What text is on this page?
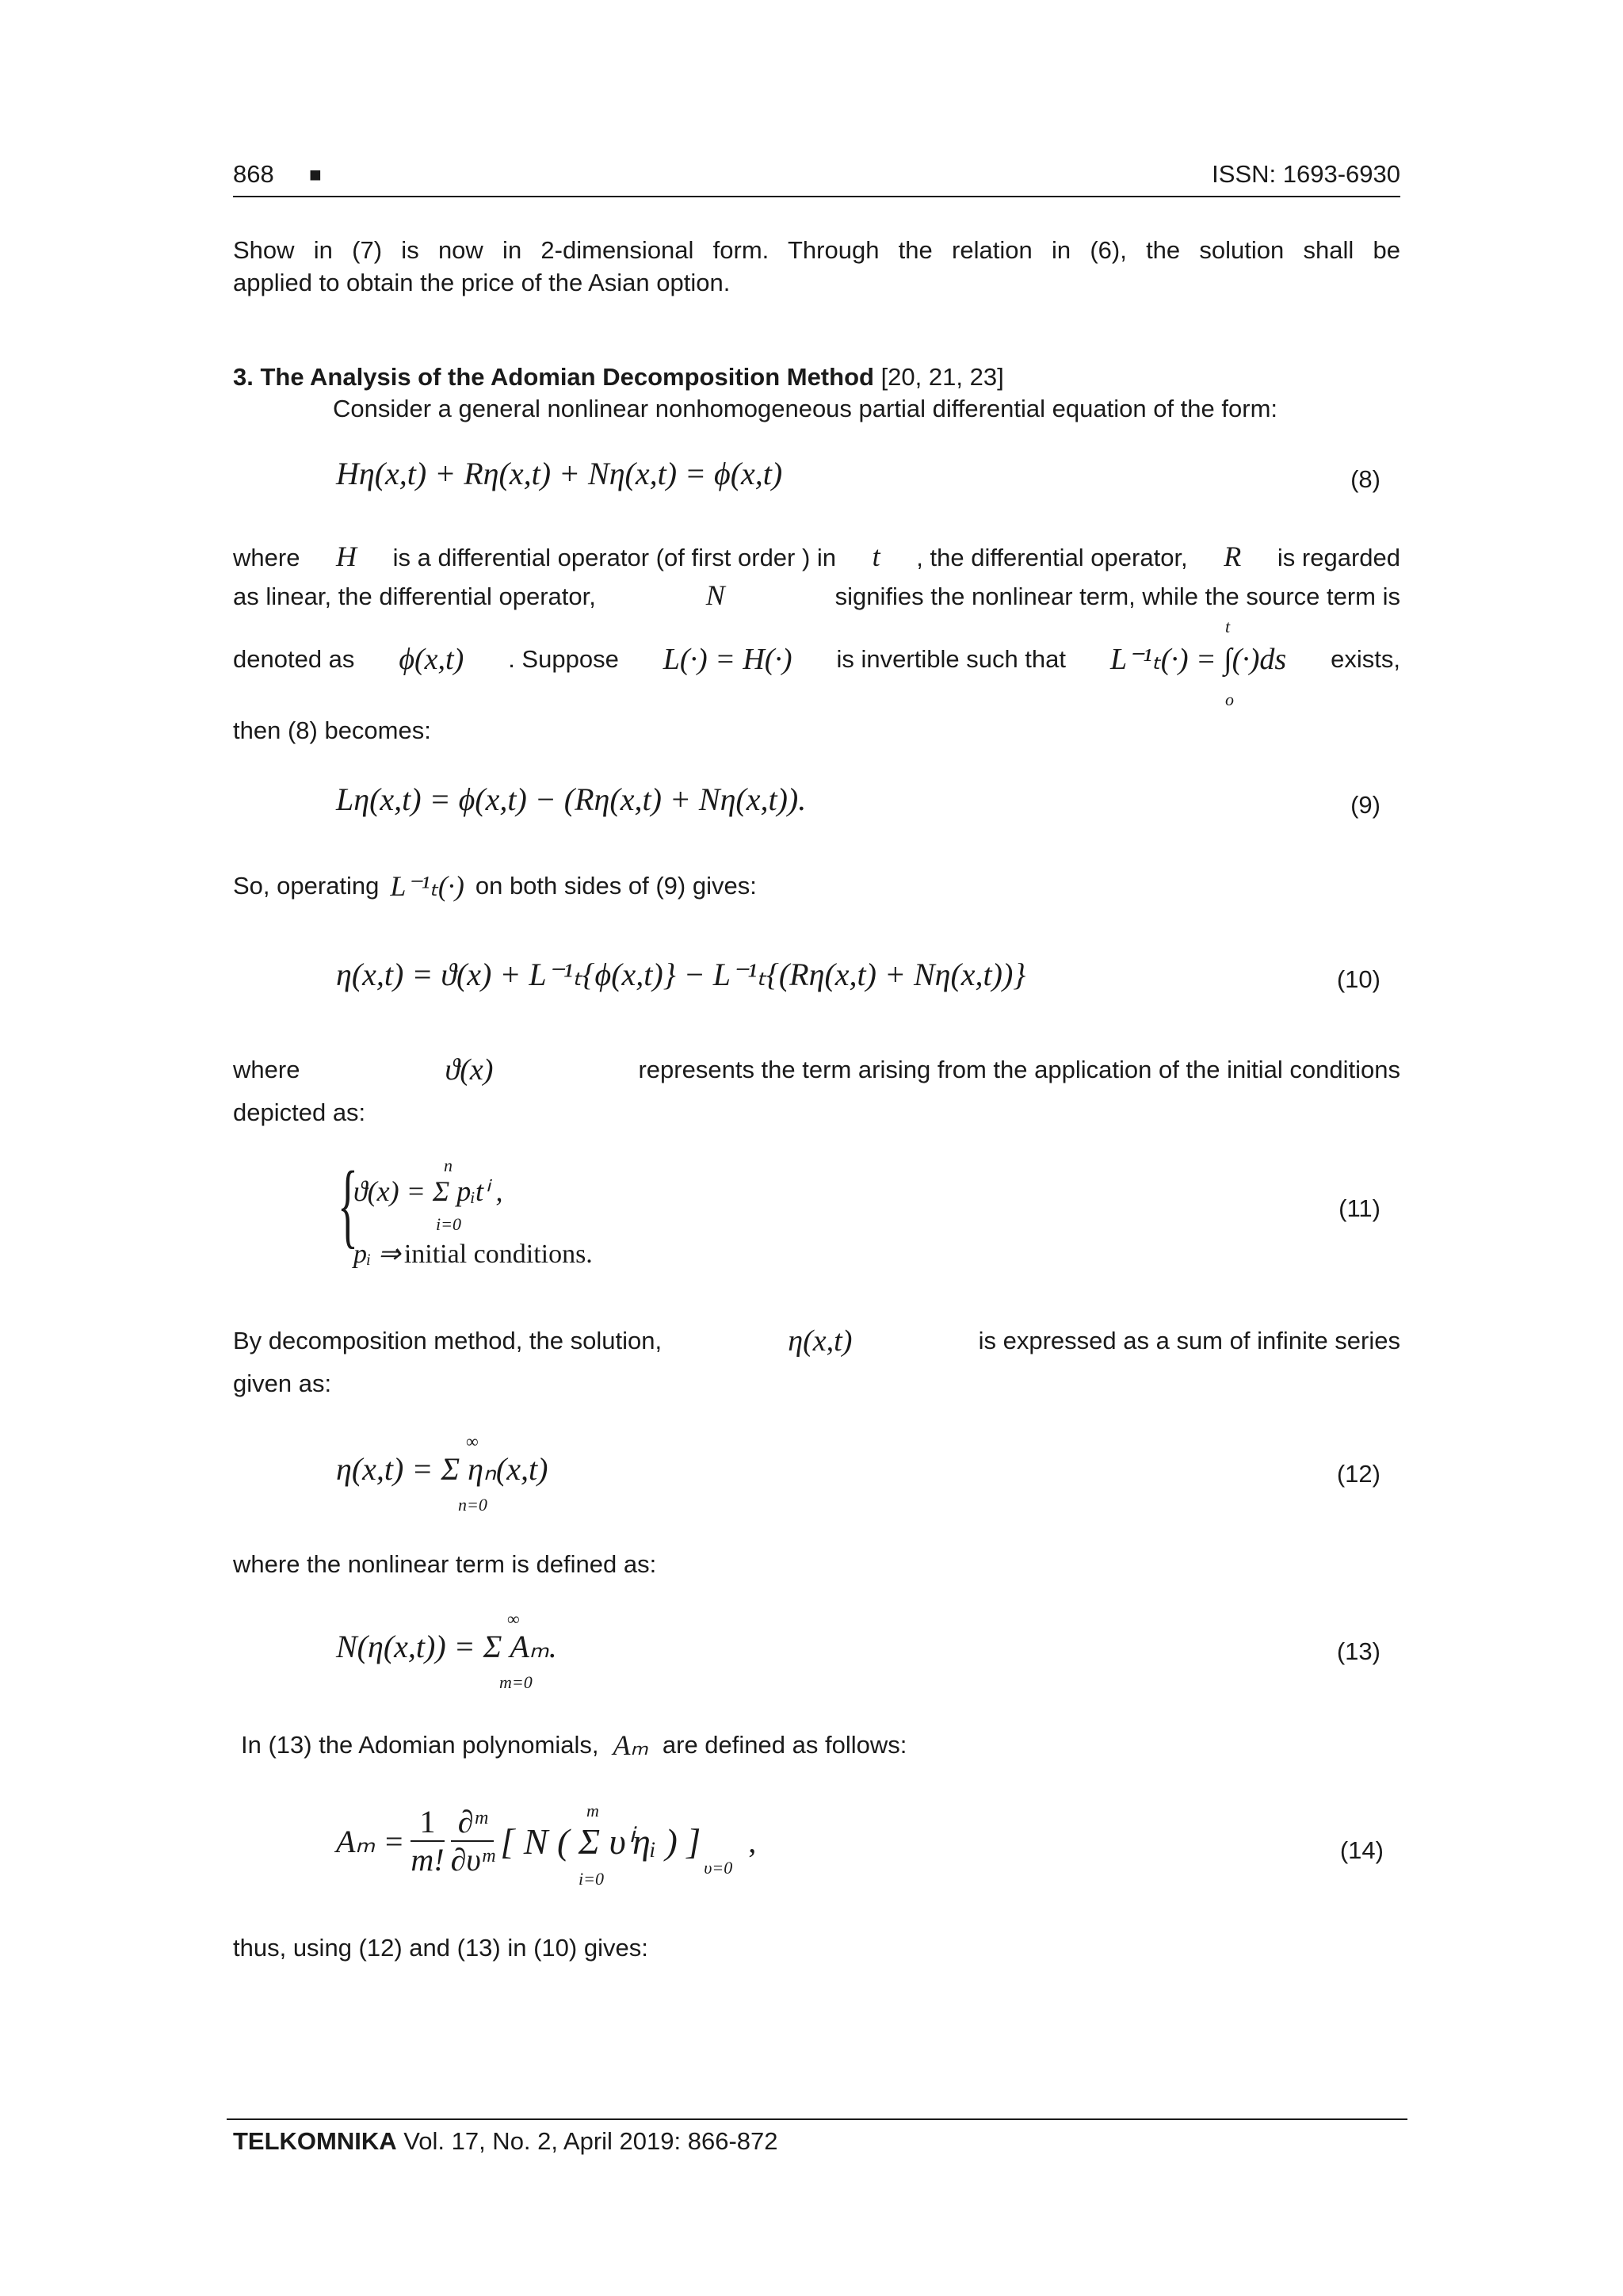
868 ■	ISSN: 1693-6930
Show in (7) is now in 2-dimensional form. Through the relation in (6), the solution shall be
applied to obtain the price of the Asian option.
3. The Analysis of the Adomian Decomposition Method [20, 21, 23]
Consider a general nonlinear nonhomogeneous partial differential equation of the form:
Hη(x,t) + Rη(x,t) + Nη(x,t) = ϕ(x,t)	(8)
where H is a differential operator (of first order ) in t , the differential operator, R is regarded
as linear, the differential operator,	N	signifies the nonlinear term, while the source term is
denoted as ϕ(x,t) . Suppose L(·) = H(·) is invertible such that L⁻¹ₜ(·) = ∫(·)ds exists,
t
o
then (8) becomes:
Lη(x,t) = ϕ(x,t) − (Rη(x,t) + Nη(x,t)).	(9)
So, operating L⁻¹ₜ(·) on both sides of (9) gives:
η(x,t) = ϑ(x) + L⁻¹ₜ{ϕ(x,t)} − L⁻¹ₜ{(Rη(x,t) + Nη(x,t))}	(10)
where	ϑ(x)	represents the term arising from the application of the initial conditions
depicted as:
{
ϑ(x) = Σ pᵢtⁱ ,
n
i=0
pᵢ ⇒ initial conditions.
(11)
By decomposition method, the solution,	η(x,t)	is expressed as a sum of infinite series
given as:
η(x,t) = Σ ηₙ(x,t)
∞
n=0
(12)
where the nonlinear term is defined as:
N(η(x,t)) = Σ Aₘ.
∞
m=0
(13)
In (13) the Adomian polynomials, Aₘ are defined as follows:
$A_m = \frac{1}{m!} \frac{\text{∂ᵐ}}{\text{∂υᵐ}}$ [ N ( Σ υⁱηᵢ ) ]
υ=0
,
m
i=0
(14)
thus, using (12) and (13) in (10) gives:
TELKOMNIKA Vol. 17, No. 2, April 2019: 866-872
